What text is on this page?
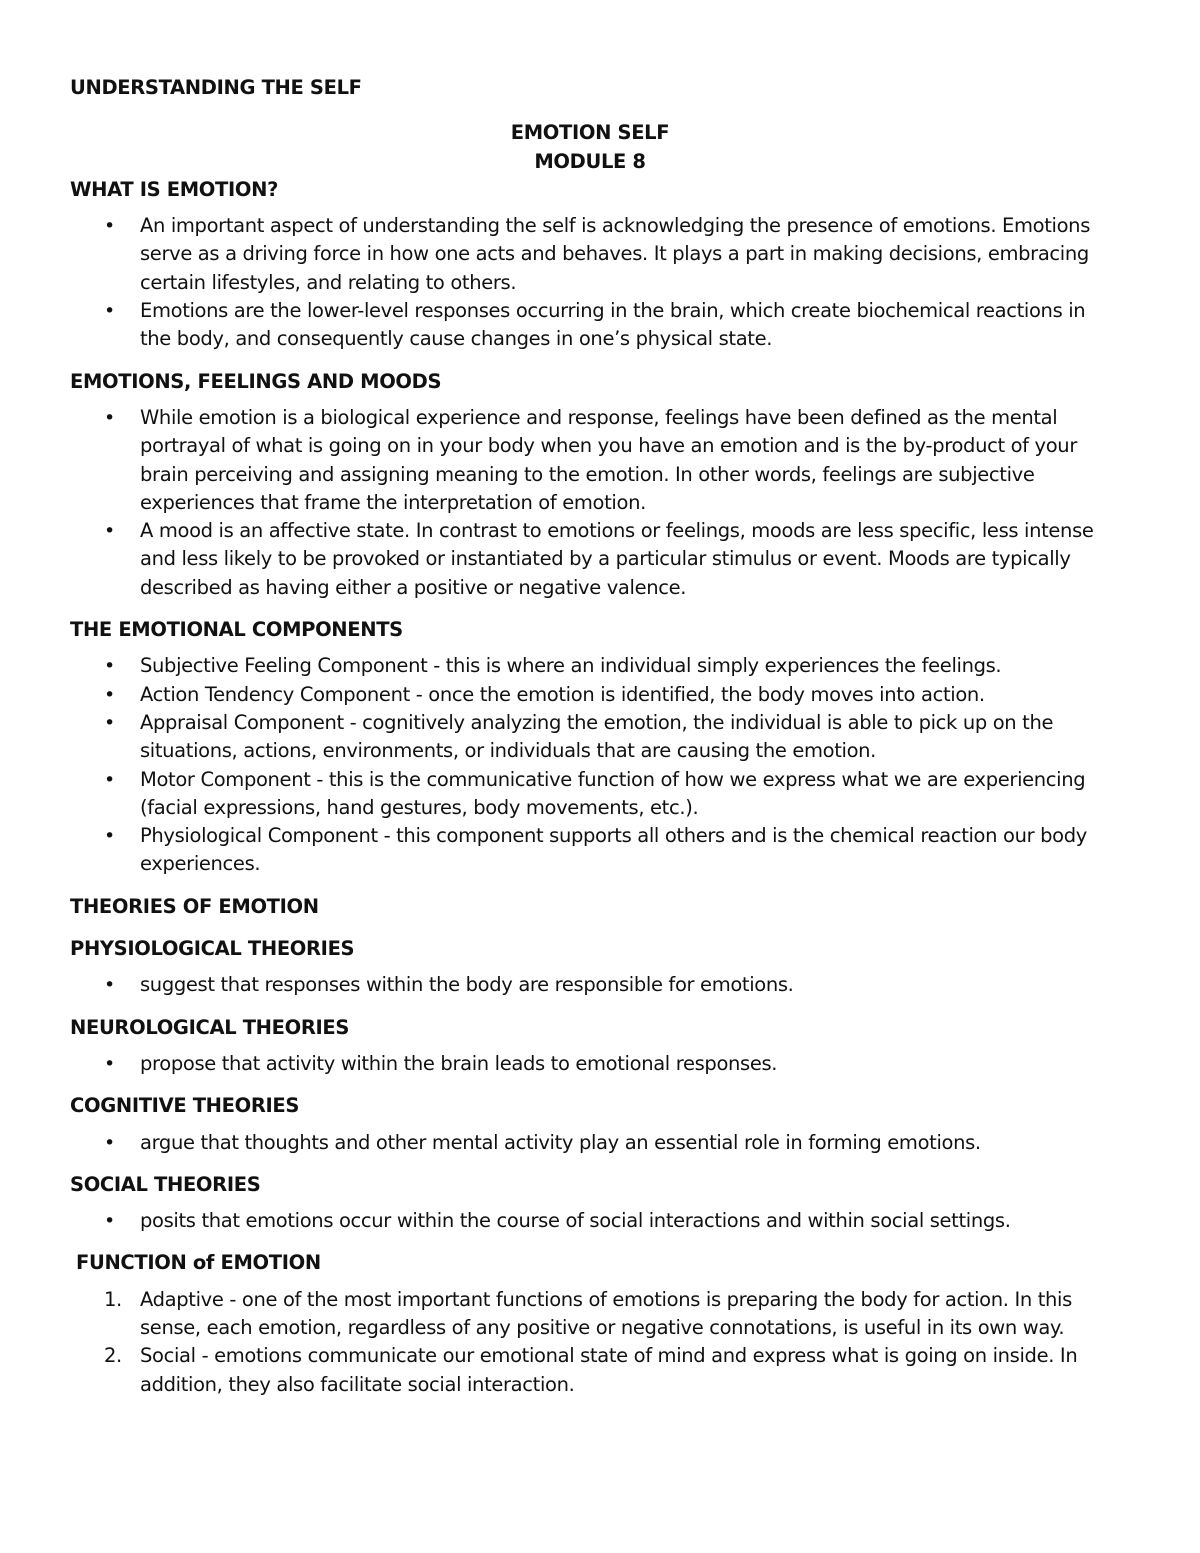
UNDERSTANDING THE SELF

EMOTION SELF

MODULE 8

WHAT IS EMOTION?

• An important aspect of understanding the self is acknowledging the presence of emotions. Emotions serve as a driving force in how one acts and behaves. It plays a part in making decisions, embracing certain lifestyles, and relating to others.
• Emotions are the lower-level responses occurring in the brain, which create biochemical reactions in the body, and consequently cause changes in one’s physical state.

EMOTIONS, FEELINGS AND MOODS

• While emotion is a biological experience and response, feelings have been defined as the mental portrayal of what is going on in your body when you have an emotion and is the by-product of your brain perceiving and assigning meaning to the emotion. In other words, feelings are subjective experiences that frame the interpretation of emotion.
• A mood is an affective state. In contrast to emotions or feelings, moods are less specific, less intense and less likely to be provoked or instantiated by a particular stimulus or event. Moods are typically described as having either a positive or negative valence.

THE EMOTIONAL COMPONENTS

• Subjective Feeling Component - this is where an individual simply experiences the feelings.
• Action Tendency Component - once the emotion is identified, the body moves into action.
• Appraisal Component - cognitively analyzing the emotion, the individual is able to pick up on the situations, actions, environments, or individuals that are causing the emotion.
• Motor Component - this is the communicative function of how we express what we are experiencing (facial expressions, hand gestures, body movements, etc.).
• Physiological Component - this component supports all others and is the chemical reaction our body experiences.

THEORIES OF EMOTION

PHYSIOLOGICAL THEORIES

• suggest that responses within the body are responsible for emotions.

NEUROLOGICAL THEORIES

• propose that activity within the brain leads to emotional responses.

COGNITIVE THEORIES

• argue that thoughts and other mental activity play an essential role in forming emotions.

SOCIAL THEORIES

• posits that emotions occur within the course of social interactions and within social settings.

FUNCTION of EMOTION

1. Adaptive - one of the most important functions of emotions is preparing the body for action. In this sense, each emotion, regardless of any positive or negative connotations, is useful in its own way.
2. Social - emotions communicate our emotional state of mind and express what is going on inside. In addition, they also facilitate social interaction.
